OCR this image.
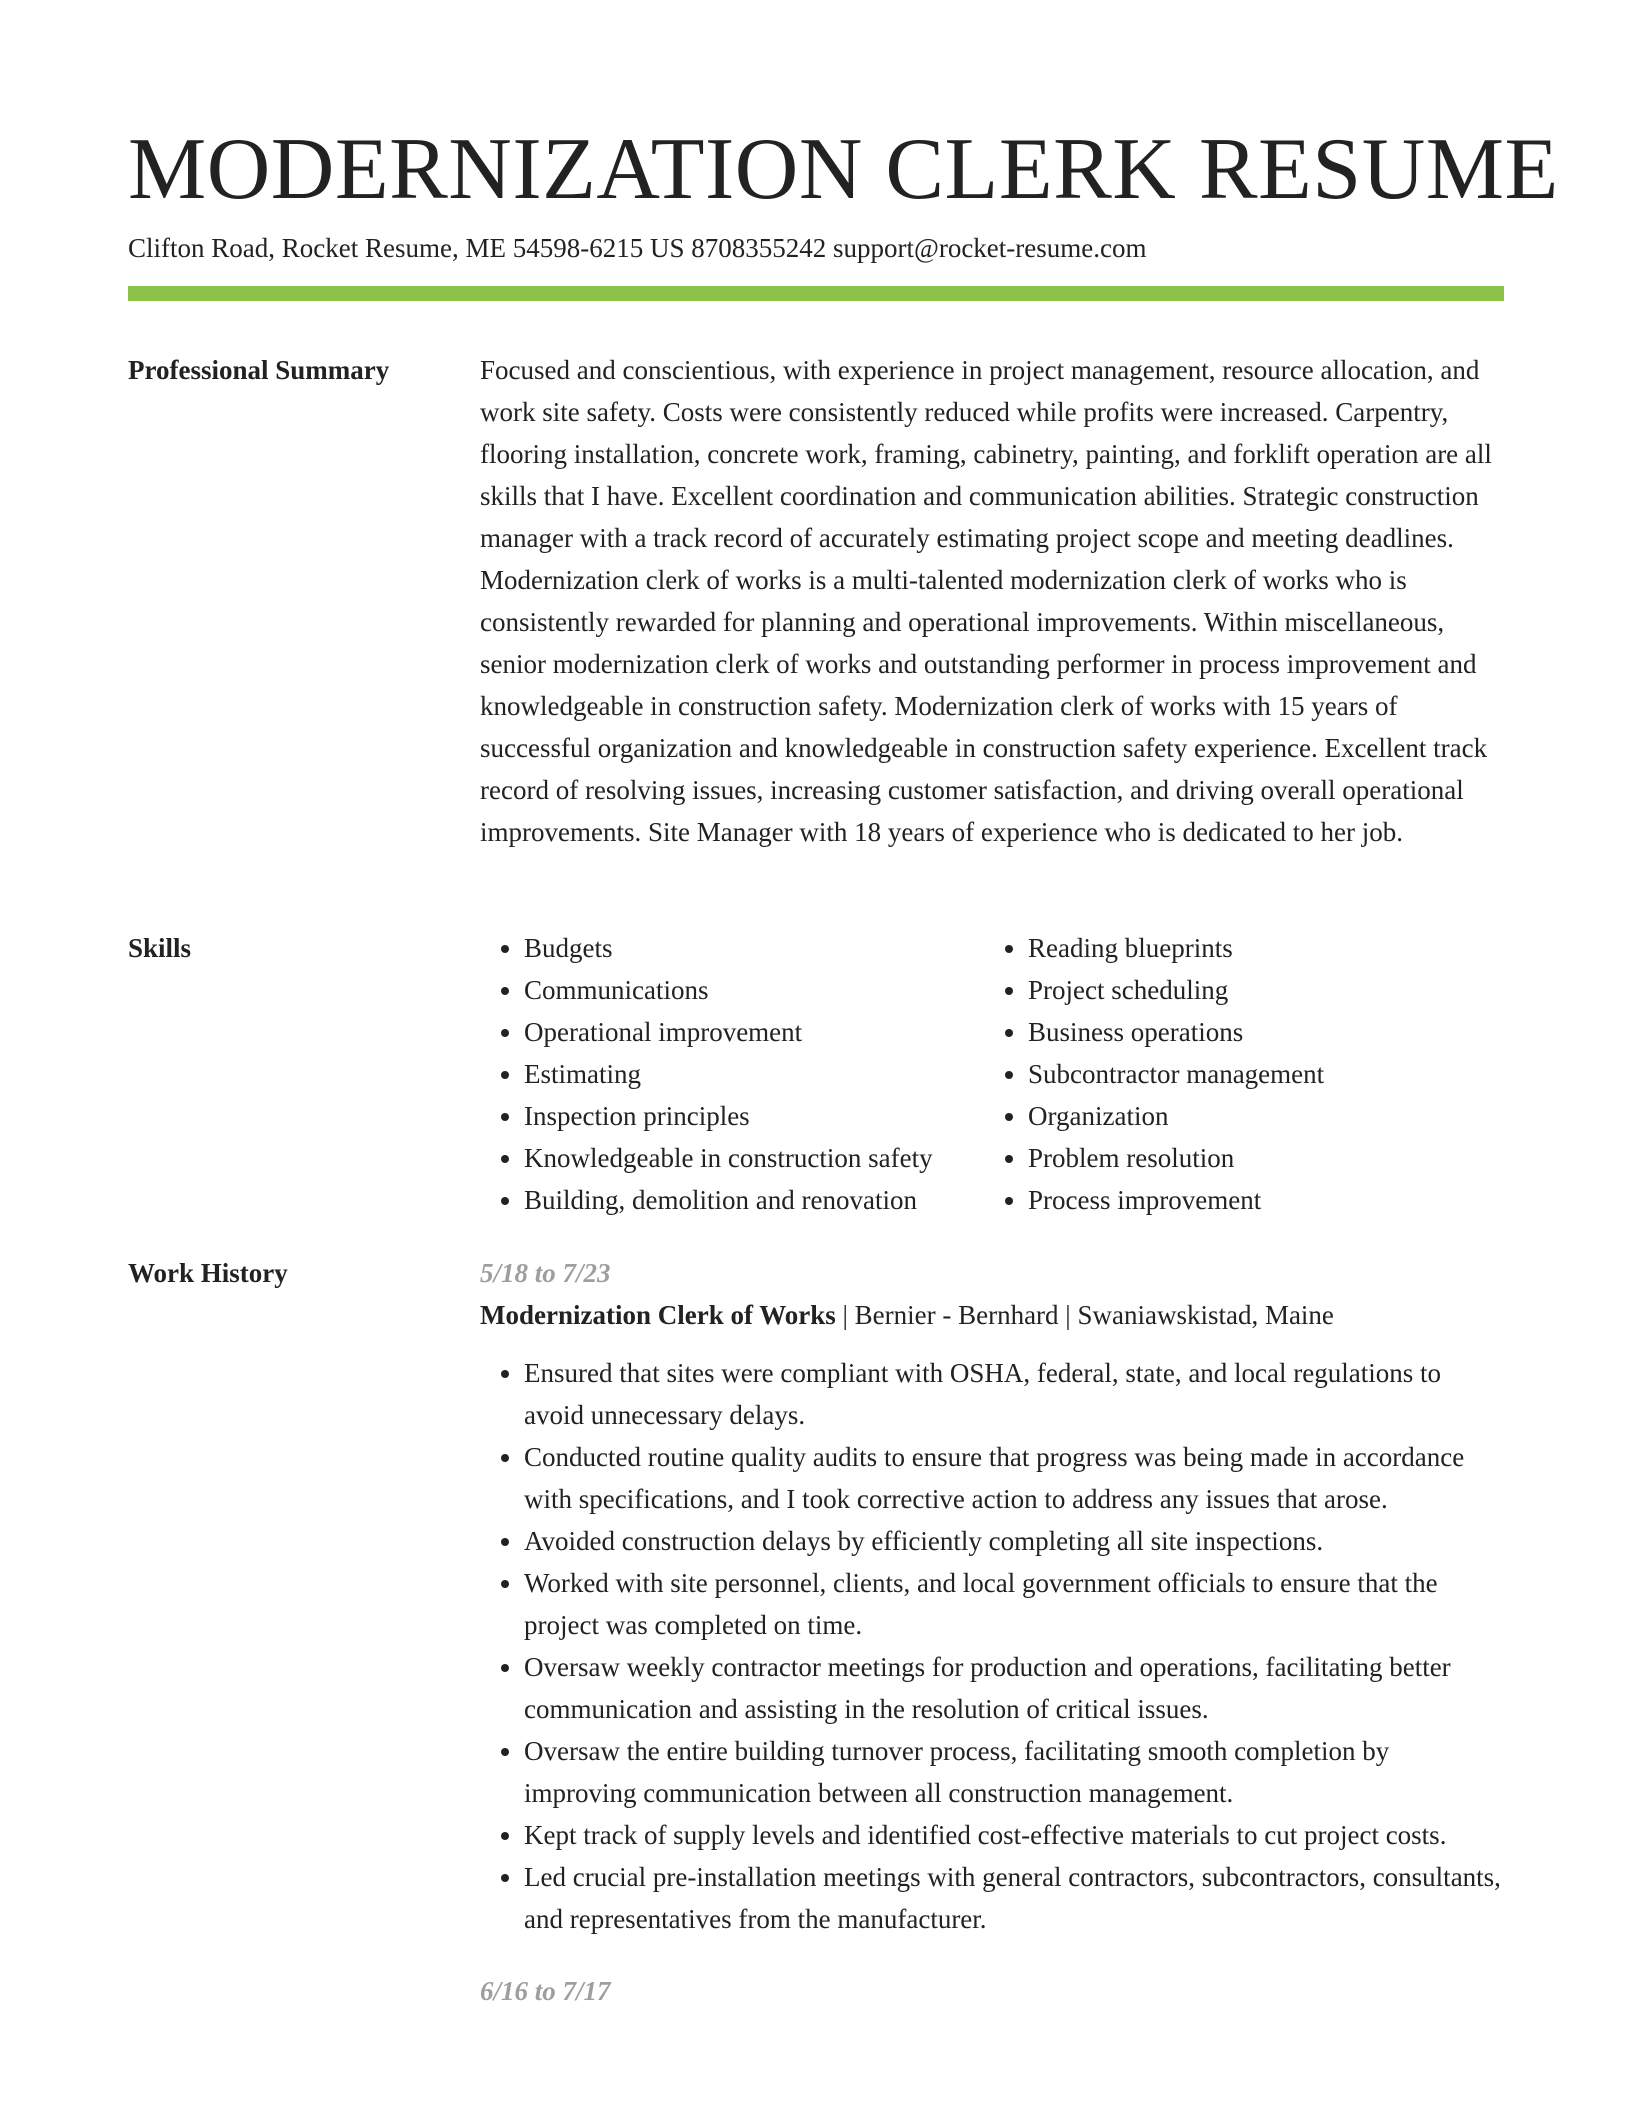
MODERNIZATION CLERK RESUME
Clifton Road, Rocket Resume, ME 54598-6215 US 8708355242 support@rocket-resume.com
Professional Summary	Focused and conscientious, with experience in project management, resource allocation, and work site safety. Costs were consistently reduced while profits were increased. Carpentry, flooring installation, concrete work, framing, cabinetry, painting, and forklift operation are all skills that I have. Excellent coordination and communication abilities. Strategic construction manager with a track record of accurately estimating project scope and meeting deadlines. Modernization clerk of works is a multi-talented modernization clerk of works who is consistently rewarded for planning and operational improvements. Within miscellaneous, senior modernization clerk of works and outstanding performer in process improvement and knowledgeable in construction safety. Modernization clerk of works with 15 years of successful organization and knowledgeable in construction safety experience. Excellent track record of resolving issues, increasing customer satisfaction, and driving overall operational improvements. Site Manager with 18 years of experience who is dedicated to her job.

Skills
•	Budgets
• Communications
• Operational improvement
• Estimating
• Inspection principles
• Knowledgeable in construction safety
• Building, demolition and renovation
• Reading blueprints
• Project scheduling
• Business operations
• Subcontractor management
• Organization
• Problem resolution
• Process improvement
Work History	5/18 to 7/23
Modernization Clerk of Works | Bernier - Bernhard | Swaniawskistad, Maine
• Ensured that sites were compliant with OSHA, federal, state, and local regulations to avoid unnecessary delays.
• Conducted routine quality audits to ensure that progress was being made in accordance with specifications, and I took corrective action to address any issues that arose.
• Avoided construction delays by efficiently completing all site inspections.
• Worked with site personnel, clients, and local government officials to ensure that the project was completed on time.
• Oversaw weekly contractor meetings for production and operations, facilitating better communication and assisting in the resolution of critical issues.
• Oversaw the entire building turnover process, facilitating smooth completion by improving communication between all construction management.
• Kept track of supply levels and identified cost-effective materials to cut project costs.
• Led crucial pre-installation meetings with general contractors, subcontractors, consultants, and representatives from the manufacturer.
6/16 to 7/17
